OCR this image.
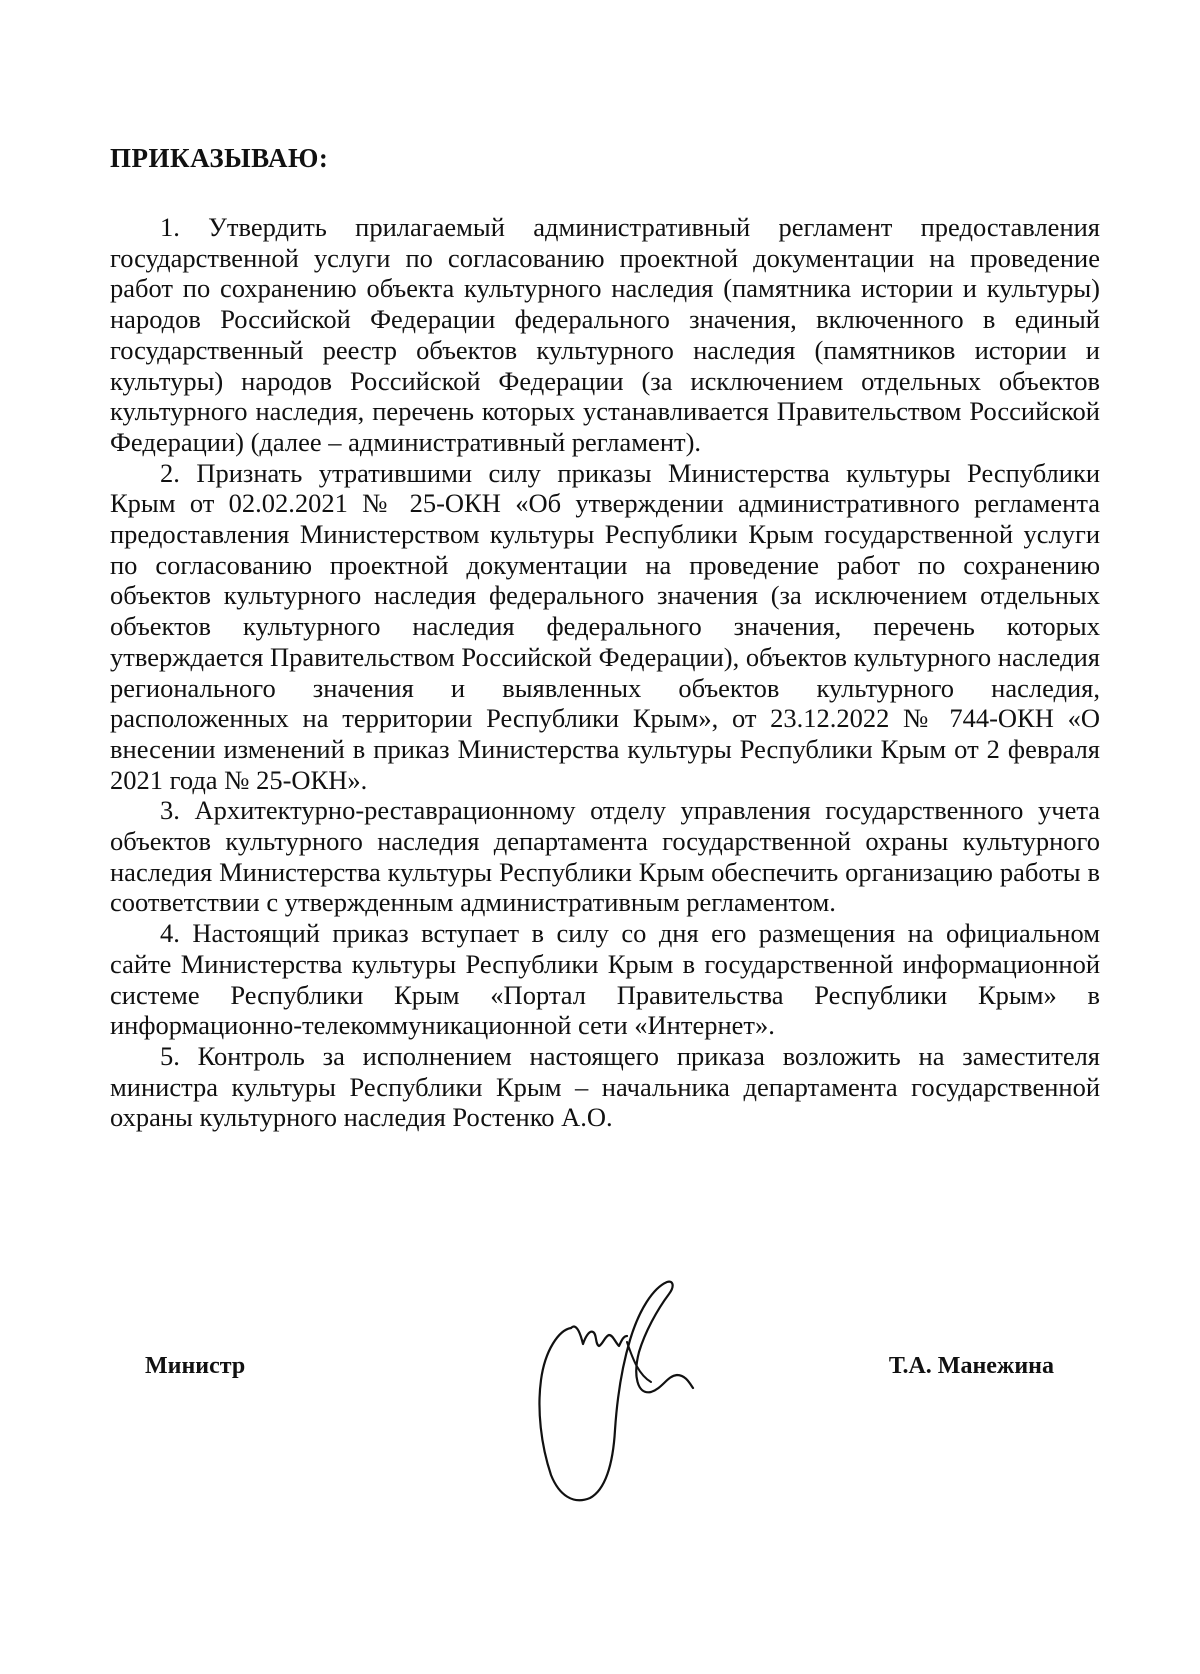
ПРИКАЗЫВАЮ:

1. Утвердить прилагаемый административный регламент предоставления государственной услуги по согласованию проектной документации на проведение работ по сохранению объекта культурного наследия (памятника истории и культуры) народов Российской Федерации федерального значения, включенного в единый государственный реестр объектов культурного наследия (памятников истории и культуры) народов Российской Федерации (за исключением отдельных объектов культурного наследия, перечень которых устанавливается Правительством Российской Федерации) (далее – административный регламент).

2. Признать утратившими силу приказы Министерства культуры Республики Крым от 02.02.2021 № 25-ОКН «Об утверждении административного регламента предоставления Министерством культуры Республики Крым государственной услуги по согласованию проектной документации на проведение работ по сохранению объектов культурного наследия федерального значения (за исключением отдельных объектов культурного наследия федерального значения, перечень которых утверждается Правительством Российской Федерации), объектов культурного наследия регионального значения и выявленных объектов культурного наследия, расположенных на территории Республики Крым», от 23.12.2022 № 744-ОКН «О внесении изменений в приказ Министерства культуры Республики Крым от 2 февраля 2021 года № 25-ОКН».

3. Архитектурно-реставрационному отделу управления государственного учета объектов культурного наследия департамента государственной охраны культурного наследия Министерства культуры Республики Крым обеспечить организацию работы в соответствии с утвержденным административным регламентом.

4. Настоящий приказ вступает в силу со дня его размещения на официальном сайте Министерства культуры Республики Крым в государственной информационной системе Республики Крым «Портал Правительства Республики Крым» в информационно-телекоммуникационной сети «Интернет».

5. Контроль за исполнением настоящего приказа возложить на заместителя министра культуры Республики Крым – начальника департамента государственной охраны культурного наследия Ростенко А.О.

Министр	Т.А. Манежина
